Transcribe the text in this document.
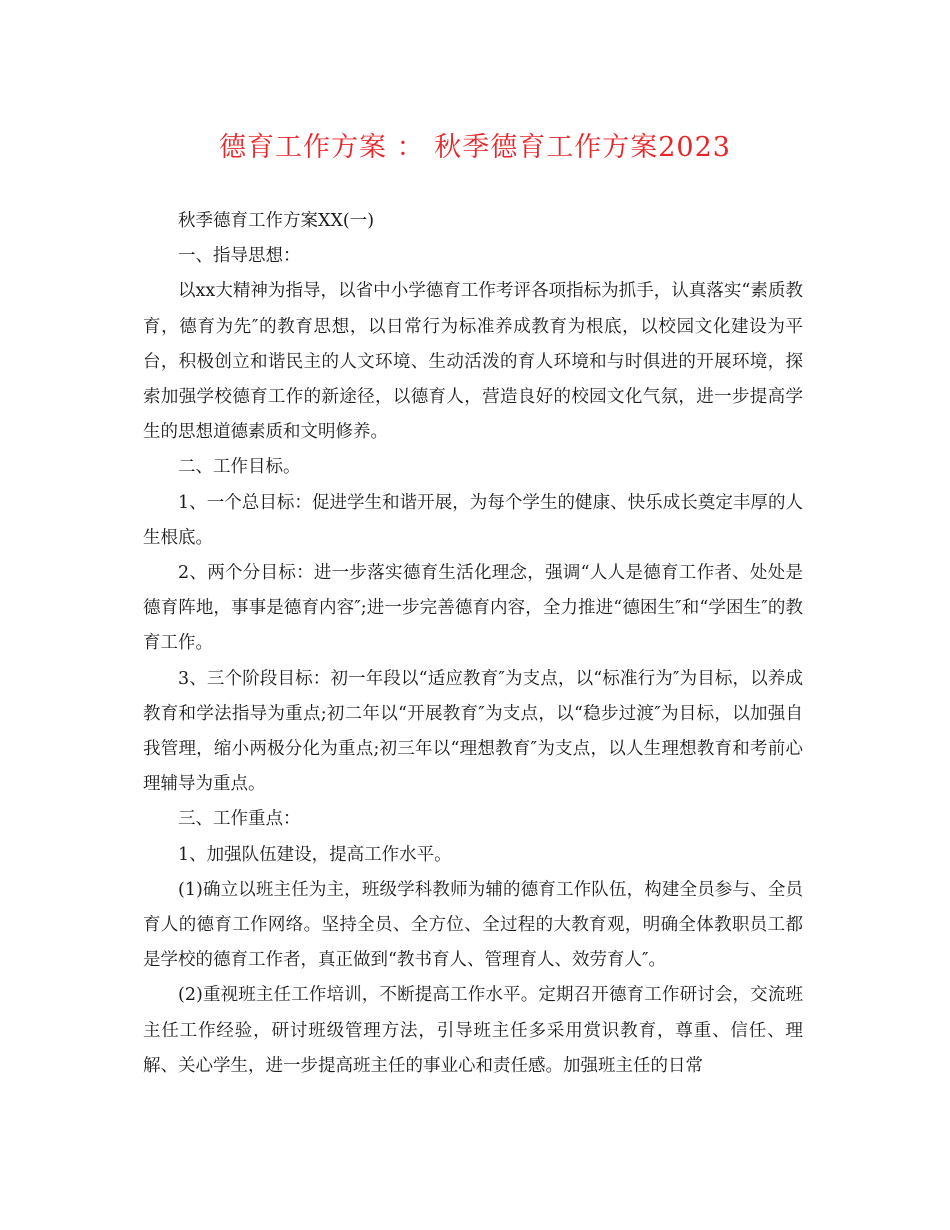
德育工作方案 ： 秋季德育工作方案2023

秋季德育工作方案XX(一)

一、指导思想：

以xx大精神为指导，以省中小学德育工作考评各项指标为抓手，认真落实“素质教育，德育为先″的教育思想，以日常行为标准养成教育为根底，以校园文化建设为平台，积极创立和谐民主的人文环境、生动活泼的育人环境和与时俱进的开展环境，探索加强学校德育工作的新途径，以德育人，营造良好的校园文化气氛，进一步提高学生的思想道德素质和文明修养。

二、工作目标。

1、一个总目标：促进学生和谐开展，为每个学生的健康、快乐成长奠定丰厚的人生根底。

2、两个分目标：进一步落实德育生活化理念，强调“人人是德育工作者、处处是德育阵地，事事是德育内容″;进一步完善德育内容，全力推进“德困生″和“学困生″的教育工作。

3、三个阶段目标：初一年段以“适应教育″为支点，以“标准行为″为目标，以养成教育和学法指导为重点;初二年以“开展教育″为支点，以“稳步过渡″为目标，以加强自我管理，缩小两极分化为重点;初三年以“理想教育″为支点，以人生理想教育和考前心理辅导为重点。

三、工作重点：

1、加强队伍建设，提高工作水平。

(1)确立以班主任为主，班级学科教师为辅的德育工作队伍，构建全员参与、全员育人的德育工作网络。坚持全员、全方位、全过程的大教育观，明确全体教职员工都是学校的德育工作者，真正做到“教书育人、管理育人、效劳育人″。

(2)重视班主任工作培训，不断提高工作水平。定期召开德育工作研讨会，交流班主任工作经验，研讨班级管理方法，引导班主任多采用赏识教育，尊重、信任、理解、关心学生，进一步提高班主任的事业心和责任感。加强班主任的日常
